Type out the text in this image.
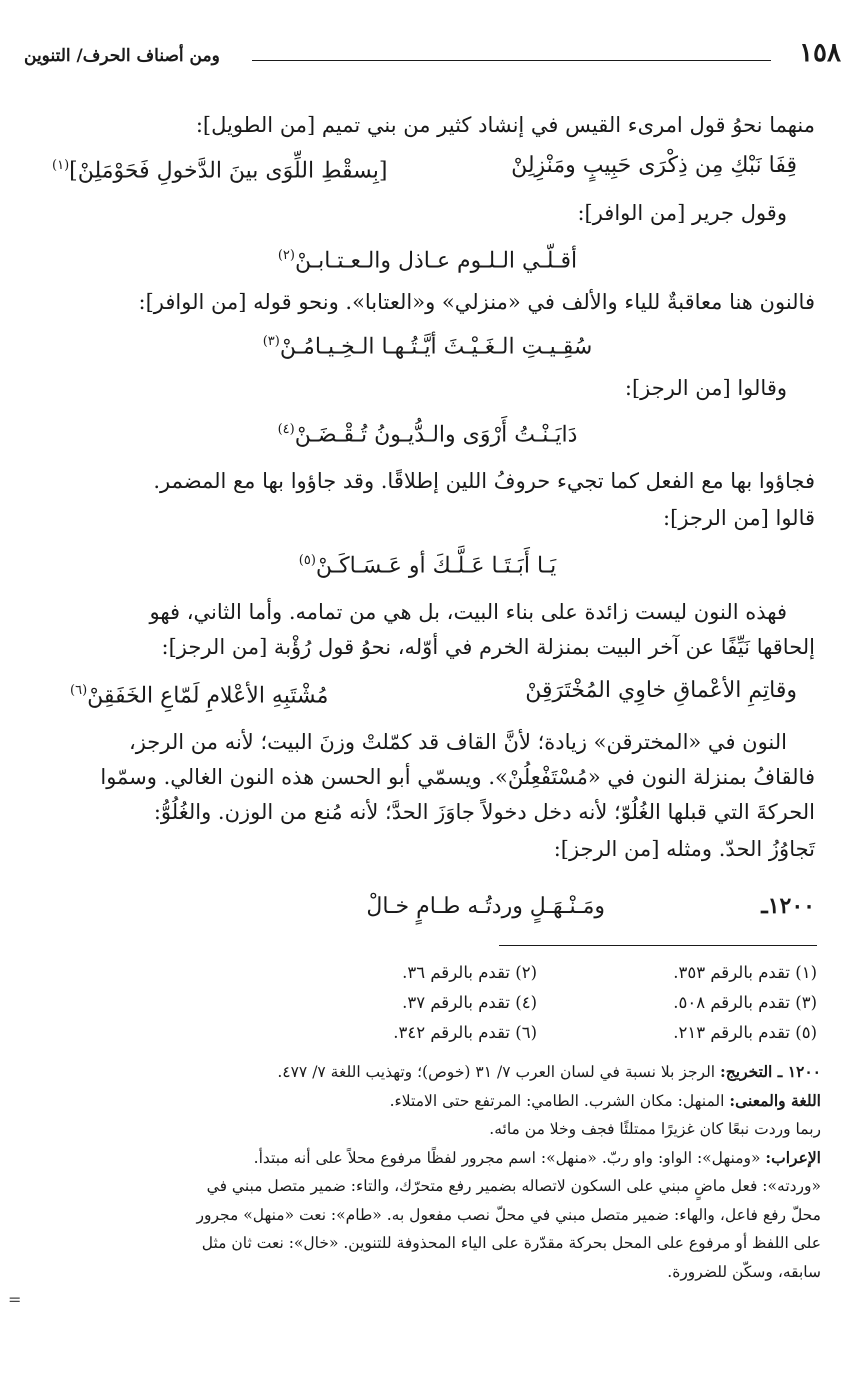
١٥٨
ومن أصناف الحرف/ التنوين
منهما نحوُ قول امرىء القيس في إنشاد كثير من بني تميم [من الطويل]:
قِفَا نَبْكِ مِن ذِكْرَى حَبِيبٍ ومَنْزِلِنْ
[بِسقْطِ اللِّوَى بينَ الدَّخولِ فَحَوْمَلِنْ]$^{(١)}$
وقول جرير [من الوافر]:
أقـلّـي الـلـوم عـاذل والـعـتـابـنْ$^{(٢)}$
فالنون هنا معاقبةٌ للياء والألف في «منزلي» و«العتابا». ونحو قوله [من الوافر]:
سُقِـيـتِ الـغَـيْـثَ أيَّـتُـهـا الـخِـيـامُـنْ$^{(٣)}$
وقالوا [من الرجز]:
دَايَـنْـتُ أَرْوَى والـدُّيـونُ تُـقْـضَـنْ$^{(٤)}$
فجاؤوا بها مع الفعل كما تجيء حروفُ اللين إطلاقًا. وقد جاؤوا بها مع المضمر.
قالوا [من الرجز]:
يَـا أَبَـتَـا عَـلَّـكَ أو عَـسَـاكَـنْ$^{(٥)}$
فهذه النون ليست زائدة على بناء البيت، بل هي من تمامه. وأما الثاني، فهو
إلحاقها نَيِّفًا عن آخر البيت بمنزلة الخرم في أوّله، نحوُ قول رُؤْبة [من الرجز]:
وقاتِمِ الأعْماقِ خاوِي المُخْتَرَقِنْ
مُشْتَبِهِ الأعْلامِ لَمّاعِ الخَفَقِنْ$^{(٦)}$
النون في «المخترقن» زيادة؛ لأنَّ القاف قد كمّلتْ وزنَ البيت؛ لأنه من الرجز،
فالقافُ بمنزلة النون في «مُسْتَفْعِلُنْ». ويسمّي أبو الحسن هذه النون الغالي. وسمّوا
الحركةَ التي قبلها الغُلُوّ؛ لأنه دخل دخولاً جاوَزَ الحدَّ؛ لأنه مُنع من الوزن. والغُلُوُّ:
تَجاوُزُ الحدّ. ومثله [من الرجز]:
١٢٠٠ـ
ومَـنْـهَـلٍ وردتُـه طـامٍ خـالْ
(١) تقدم بالرقم ٣٥٣.
(٢) تقدم بالرقم ٣٦.
(٣) تقدم بالرقم ٥٠٨.
(٤) تقدم بالرقم ٣٧.
(٥) تقدم بالرقم ٢١٣.
(٦) تقدم بالرقم ٣٤٢.
١٢٠٠ ـ التخريج: الرجز بلا نسبة في لسان العرب ٧/ ٣١ (خوص)؛ وتهذيب اللغة ٧/ ٤٧٧.
اللغة والمعنى: المنهل: مكان الشرب. الطامي: المرتفع حتى الامتلاء.
ربما وردت نبعًا كان غزيرًا ممتلئًا فجف وخلا من مائه.
الإعراب: «ومنهل»: الواو: واو ربّ. «منهل»: اسم مجرور لفظًا مرفوع محلاً على أنه مبتدأ.
«وردته»: فعل ماضٍ مبني على السكون لاتصاله بضمير رفع متحرّك، والتاء: ضمير متصل مبني في
محلّ رفع فاعل، والهاء: ضمير متصل مبني في محلّ نصب مفعول به. «طام»: نعت «منهل» مجرور
على اللفظ أو مرفوع على المحل بحركة مقدّرة على الياء المحذوفة للتنوين. «خال»: نعت ثان مثل
سابقه، وسكّن للضرورة.
=
